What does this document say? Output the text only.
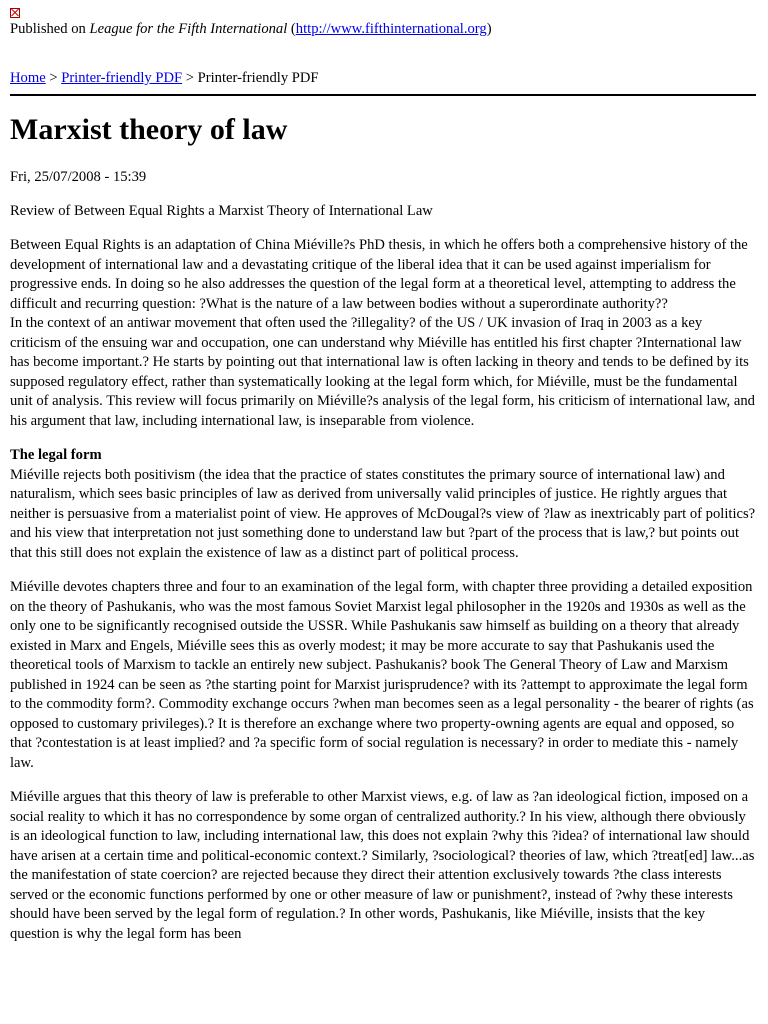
Published on League for the Fifth International (http://www.fifthinternational.org)
Home > Printer-friendly PDF > Printer-friendly PDF
Marxist theory of law
Fri, 25/07/2008 - 15:39
Review of Between Equal Rights a Marxist Theory of International Law

Between Equal Rights is an adaptation of China Miéville?s PhD thesis, in which he offers both a comprehensive history of the development of international law and a devastating critique of the liberal idea that it can be used against imperialism for progressive ends. In doing so he also addresses the question of the legal form at a theoretical level, attempting to address the difficult and recurring question: ?What is the nature of a law between bodies without a superordinate authority??

In the context of an antiwar movement that often used the ?illegality? of the US / UK invasion of Iraq in 2003 as a key criticism of the ensuing war and occupation, one can understand why Miéville has entitled his first chapter ?International law has become important.? He starts by pointing out that international law is often lacking in theory and tends to be defined by its supposed regulatory effect, rather than systematically looking at the legal form which, for Miéville, must be the fundamental unit of analysis. This review will focus primarily on Miéville?s analysis of the legal form, his criticism of international law, and his argument that law, including international law, is inseparable from violence.

The legal form

Miéville rejects both positivism (the idea that the practice of states constitutes the primary source of international law) and naturalism, which sees basic principles of law as derived from universally valid principles of justice. He rightly argues that neither is persuasive from a materialist point of view. He approves of McDougal?s view of ?law as inextricably part of politics? and his view that interpretation not just something done to understand law but ?part of the process that is law,? but points out that this still does not explain the existence of law as a distinct part of political process.

Miéville devotes chapters three and four to an examination of the legal form, with chapter three providing a detailed exposition on the theory of Pashukanis, who was the most famous Soviet Marxist legal philosopher in the 1920s and 1930s as well as the only one to be significantly recognised outside the USSR. While Pashukanis saw himself as building on a theory that already existed in Marx and Engels, Miéville sees this as overly modest; it may be more accurate to say that Pashukanis used the theoretical tools of Marxism to tackle an entirely new subject. Pashukanis? book The General Theory of Law and Marxism published in 1924 can be seen as ?the starting point for Marxist jurisprudence? with its ?attempt to approximate the legal form to the commodity form?. Commodity exchange occurs ?when man becomes seen as a legal personality - the bearer of rights (as opposed to customary privileges).? It is therefore an exchange where two property-owning agents are equal and opposed, so that ?contestation is at least implied? and ?a specific form of social regulation is necessary? in order to mediate this - namely law.

Miéville argues that this theory of law is preferable to other Marxist views, e.g. of law as ?an ideological fiction, imposed on a social reality to which it has no correspondence by some organ of centralized authority.? In his view, although there obviously is an ideological function to law, including international law, this does not explain ?why this ?idea? of international law should have arisen at a certain time and political-economic context.? Similarly, ?sociological? theories of law, which ?treat[ed] law...as the manifestation of state coercion? are rejected because they direct their attention exclusively towards ?the class interests served or the economic functions performed by one or other measure of law or punishment?, instead of ?why these interests should have been served by the legal form of regulation.? In other words, Pashukanis, like Miéville, insists that the key question is why the legal form has been
